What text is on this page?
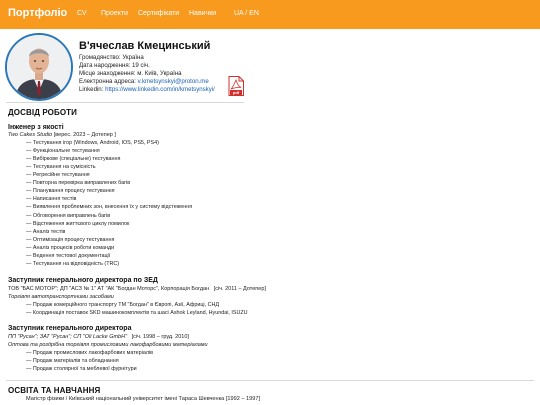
Портфоліо CV Проекти Сертифікати Навички	UA / EN
В'ячеслав Кмецинський
Громадянство: Україна
Дата народження: 19 січ.
Місце знаходження: м. Київ, Україна
Електронна адреса: v.kmetsynskyi@proton.me
Linkedin: https://www.linkedin.com/in/kmetsynskyi/	pdf
ДОСВІД РОБОТИ
Інженер з якості
Two Cakes Studio [верес. 2023 – Дотепер ]
— Тестування ігор (Windows, Android, IOS, PS5, PS4)
— Функціональне тестування
— Вибіркове (спеціальне) тестування
— Тестування на сумісність
— Регресійне тестування
— Повторна перевірка виправлених багів
— Планування процесу тестування
— Написання тестів
— Виявлення проблемних зон, внесення їх у систему відстеження
— Обговорення виправлень багів
— Відстеження життєвого циклу помилок
— Аналіз тестів
— Оптимізація процесу тестування
— Аналіз процесів роботи команди
— Ведення тестової документації
— Тестування на відповідність (TRC)
Заступник генерального директора по ЗЕД
ТОВ "БАС МОТОР"; ДП "АСЗ № 1" АТ "АК "Богдан Моторс", Корпорація Богдан [січ. 2011 – Дотепер]
Торгівля автотранспортними засобами
— Продаж комерційного транспорту ТМ "Богдан" в Європі, Азії, Африці, СНД
— Координація поставок SKD машинокомплектів та шасі Ashok Leyland, Hyundai, ISUZU
Заступник генерального директора
ПП "Русан"; ЗАТ "Русан"; СП "Oli Lacke GmbH" [січ. 1998 – груд. 2010]
Оптова та роздрібна торгівля промисловими лакофарбовими матеріалами
— Продаж промислових лакофарбових матеріалів
— Продаж матеріалів та обладнання
— Продаж столярної та меблевої фурнітури
ОСВІТА ТА НАВЧАННЯ
Магістр фізики / Київський національний університет імені Тараса Шевченка [1992 – 1997]
